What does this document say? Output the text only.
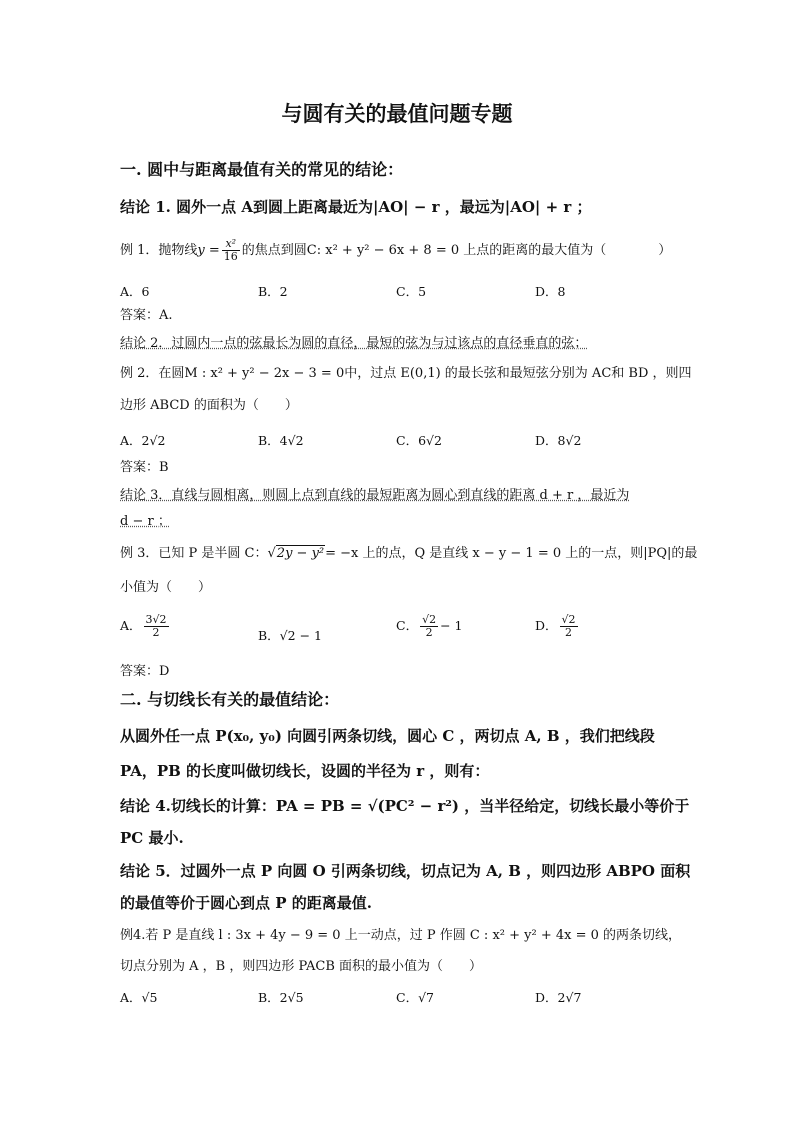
与圆有关的最值问题专题
一. 圆中与距离最值有关的常见的结论：
结论 1. 圆外一点 A到圆上距离最近为|AO| − r ，最远为|AO| + r ；
例 1．抛物线$y = \frac{\text{x²}}{16}$ 的焦点到圆C: x² + y² − 6x + 8 = 0 上点的距离的最大值为（　　　　）
A．6	B．2	C．5	D．8
答案：A.
结论 2．过圆内一点的弦最长为圆的直径，最短的弦为与过该点的直径垂直的弦；
例 2．在圆M : x² + y² − 2x − 3 = 0中，过点 E(0,1) 的最长弦和最短弦分别为 AC和 BD ，则四
边形 ABCD 的面积为（　　）
A．2√2	B．4√2	C．6√2	D．8√2
答案：B
结论 3．直线与圆相离，则圆上点到直线的最短距离为圆心到直线的距离 d + r ，最近为
d − r ；
例 3．已知 P 是半圆 C：√2y − y²= −x 上的点，Q 是直线 x − y − 1 = 0 上的一点，则|PQ|的最
小值为（　　）
A． $\frac{3√2}{2}$	B．√2 − 1
C． $\frac{√2}{2} - 1$	D． $\frac{√2}{2}$
答案：D
二. 与切线长有关的最值结论：
从圆外任一点 P(x₀, y₀) 向圆引两条切线，圆心 C ，两切点 A, B ，我们把线段
PA，PB 的长度叫做切线长，设圆的半径为 r ，则有：
结论 4.切线长的计算：PA = PB = √(PC² − r²) ，当半径给定，切线长最小等价于
PC 最小.
结论 5．过圆外一点 P 向圆 O 引两条切线，切点记为 A, B ，则四边形 ABPO 面积
的最值等价于圆心到点 P 的距离最值.
例4.若 P 是直线 l : 3x + 4y − 9 = 0 上一动点，过 P 作圆 C : x² + y² + 4x = 0 的两条切线，
切点分别为 A ，B ，则四边形 PACB 面积的最小值为（　　）
A．√5	B．2√5	C．√7	D．2√7
